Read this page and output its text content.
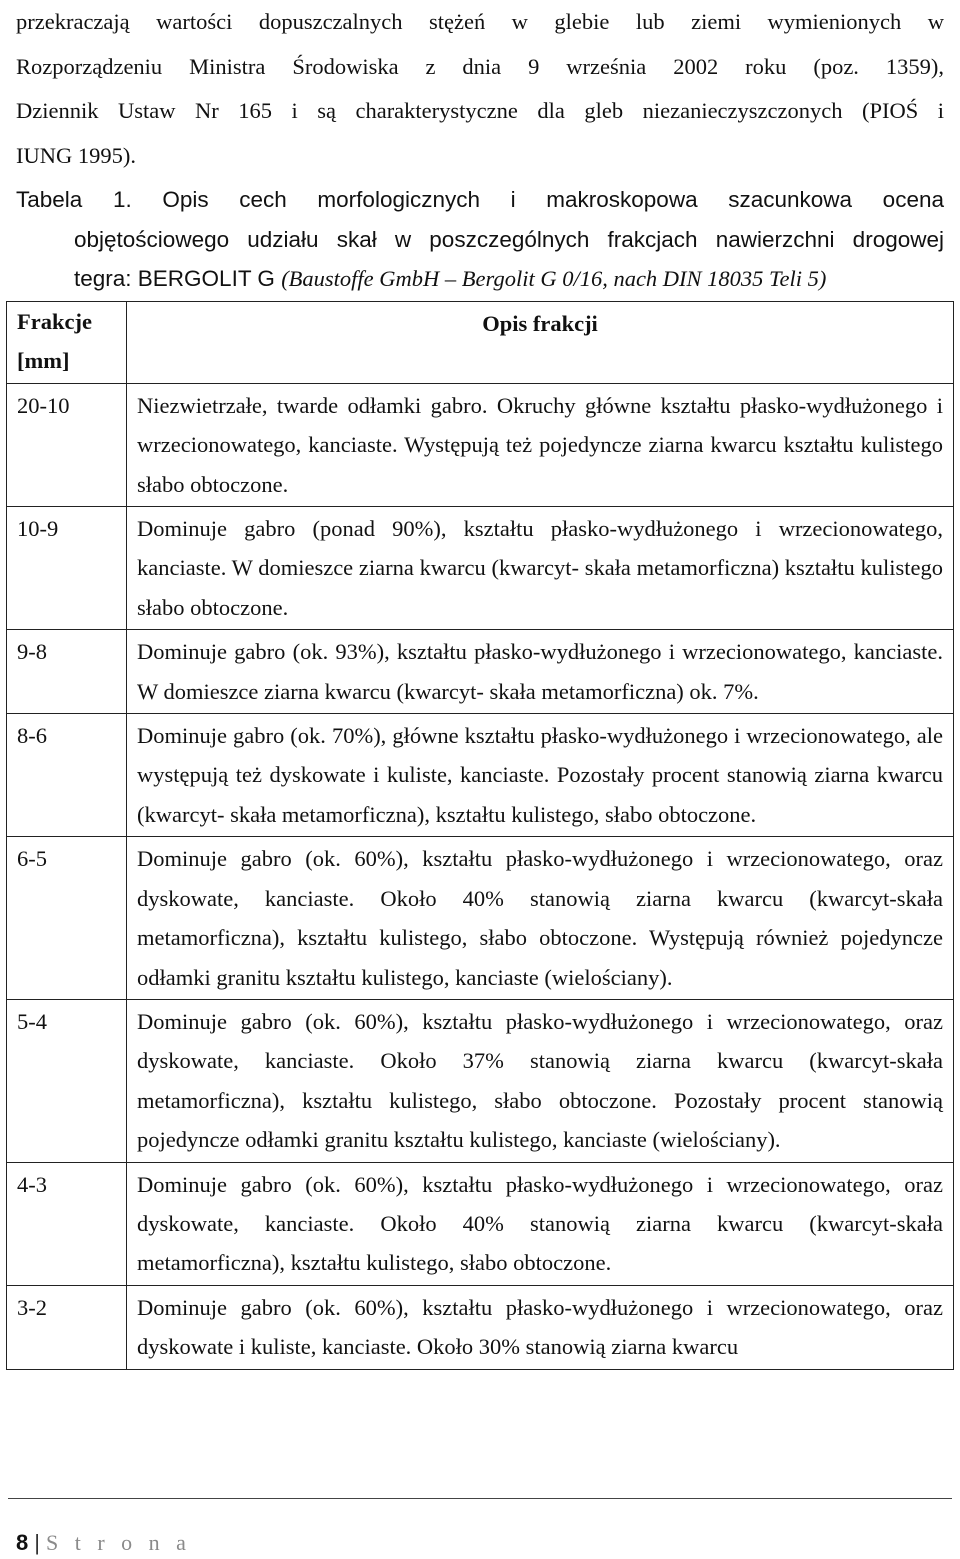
przekraczają wartości dopuszczalnych stężeń w glebie lub ziemi wymienionych w

Rozporządzeniu Ministra Środowiska z dnia 9 września 2002 roku (poz. 1359),

Dziennik Ustaw Nr 165 i są charakterystyczne dla gleb niezanieczyszczonych (PIOŚ i

IUNG 1995).

Tabela 1. Opis cech morfologicznych i makroskopowa szacunkowa ocena
objętościowego udziału skał w poszczególnych frakcjach nawierzchni drogowej
tegra: BERGOLIT G (Baustoffe GmbH – Bergolit G 0/16, nach DIN 18035 Teli 5)
Frakcje [mm]	Opis frakcji
20-10	Niezwietrzałe, twarde odłamki gabro. Okruchy główne kształtu płasko-wydłużonego i wrzecionowatego, kanciaste. Występują też pojedyncze ziarna kwarcu kształtu kulistego słabo obtoczone.
10-9	Dominuje gabro (ponad 90%), kształtu płasko-wydłużonego i wrzecionowatego, kanciaste. W domieszce ziarna kwarcu (kwarcyt- skała metamorficzna) kształtu kulistego słabo obtoczone.
9-8	Dominuje gabro (ok. 93%), kształtu płasko-wydłużonego i wrzecionowatego, kanciaste. W domieszce ziarna kwarcu (kwarcyt- skała metamorficzna) ok. 7%.
8-6	Dominuje gabro (ok. 70%), główne kształtu płasko-wydłużonego i wrzecionowatego, ale występują też dyskowate i kuliste, kanciaste. Pozostały procent stanowią ziarna kwarcu (kwarcyt- skała metamorficzna), kształtu kulistego, słabo obtoczone.
6-5	Dominuje gabro (ok. 60%), kształtu płasko-wydłużonego i wrzecionowatego, oraz dyskowate, kanciaste. Około 40% stanowią ziarna kwarcu (kwarcyt-skała metamorficzna), kształtu kulistego, słabo obtoczone. Występują również pojedyncze odłamki granitu kształtu kulistego, kanciaste (wielościany).
5-4	Dominuje gabro (ok. 60%), kształtu płasko-wydłużonego i wrzecionowatego, oraz dyskowate, kanciaste. Około 37% stanowią ziarna kwarcu (kwarcyt-skała metamorficzna), kształtu kulistego, słabo obtoczone. Pozostały procent stanowią pojedyncze odłamki granitu kształtu kulistego, kanciaste (wielościany).
4-3	Dominuje gabro (ok. 60%), kształtu płasko-wydłużonego i wrzecionowatego, oraz dyskowate, kanciaste. Około 40% stanowią ziarna kwarcu (kwarcyt-skała metamorficzna), kształtu kulistego, słabo obtoczone.
3-2	Dominuje gabro (ok. 60%), kształtu płasko-wydłużonego i wrzecionowatego, oraz dyskowate i kuliste, kanciaste. Około 30% stanowią ziarna kwarcu
8 | S t r o n a
